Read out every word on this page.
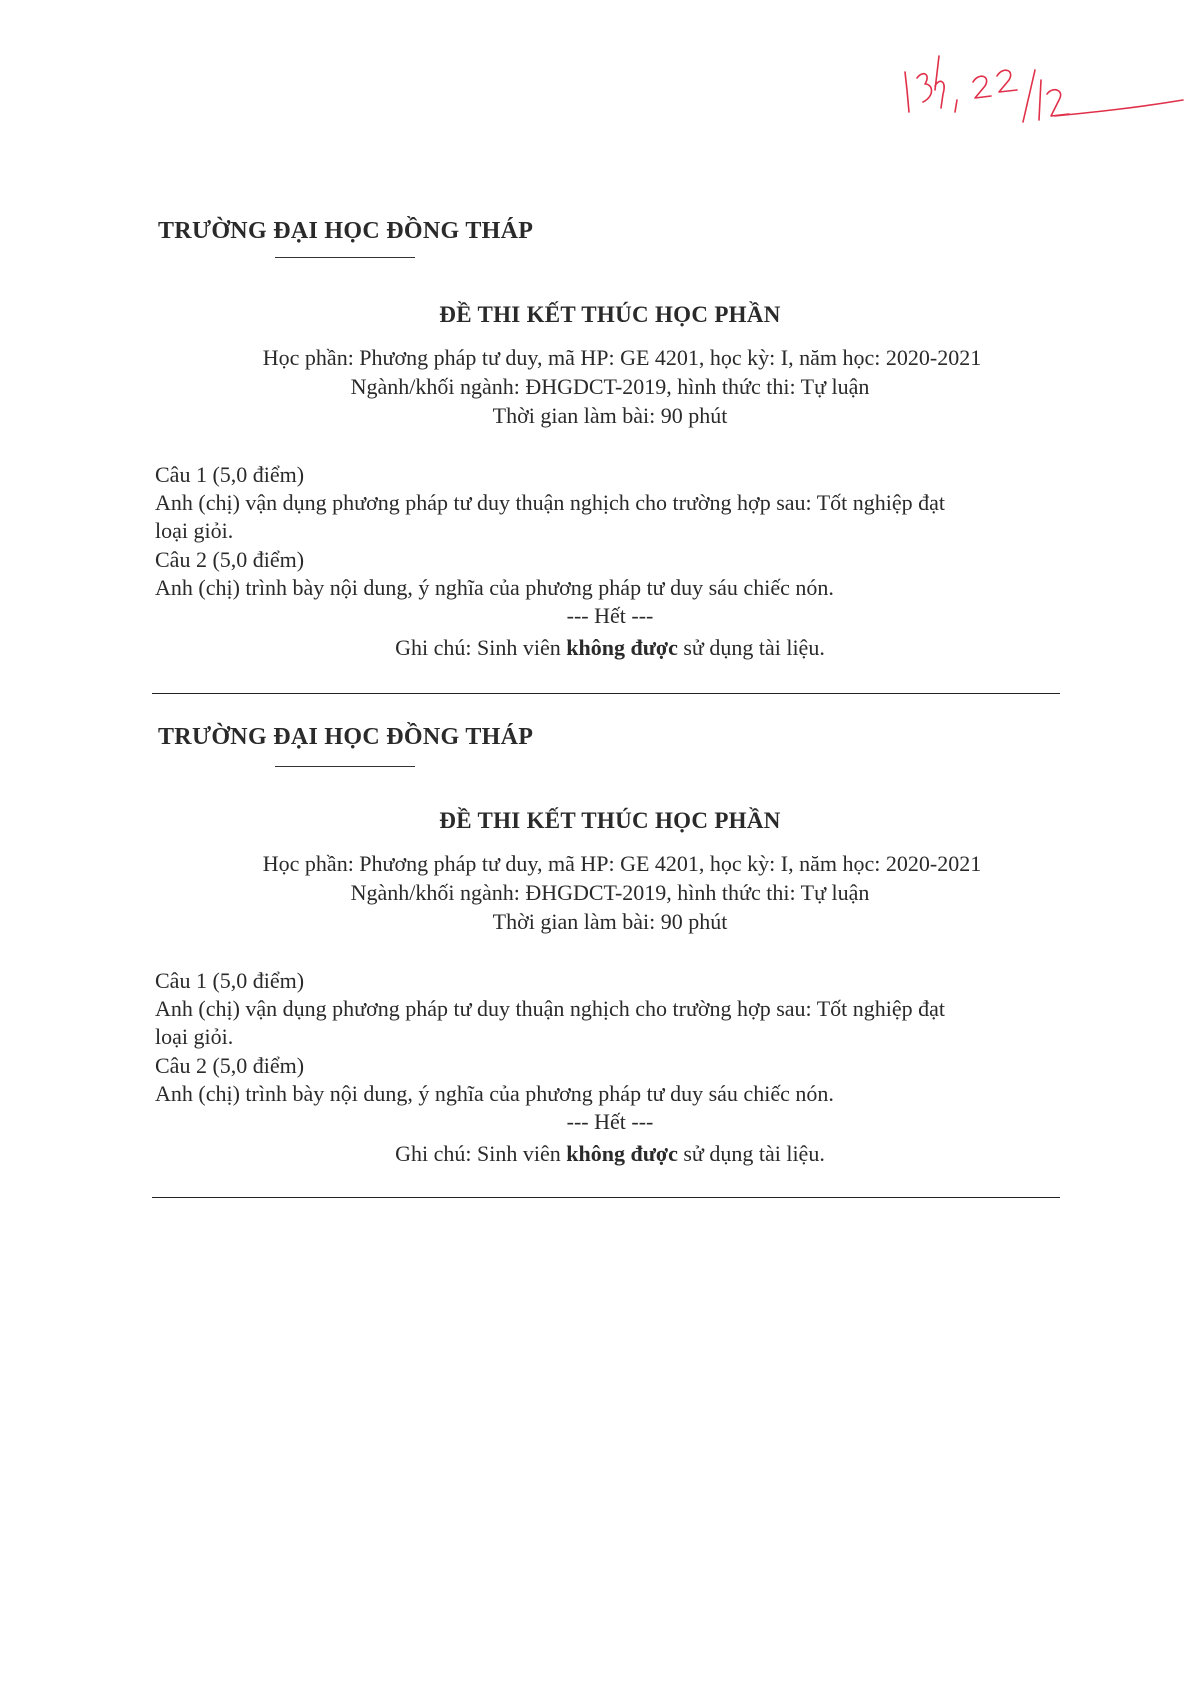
TRƯỜNG ĐẠI HỌC ĐỒNG THÁP
ĐỀ THI KẾT THÚC HỌC PHẦN
Học phần: Phương pháp tư duy, mã HP: GE 4201, học kỳ: I, năm học: 2020-2021
Ngành/khối ngành: ĐHGDCT-2019, hình thức thi: Tự luận
Thời gian làm bài: 90 phút
Câu 1 (5,0 điểm)
Anh (chị) vận dụng phương pháp tư duy thuận nghịch cho trường hợp sau: Tốt nghiệp đạt
loại giỏi.
Câu 2 (5,0 điểm)
Anh (chị) trình bày nội dung, ý nghĩa của phương pháp tư duy sáu chiếc nón.
--- Hết ---
Ghi chú: Sinh viên không được sử dụng tài liệu.
TRƯỜNG ĐẠI HỌC ĐỒNG THÁP
ĐỀ THI KẾT THÚC HỌC PHẦN
Học phần: Phương pháp tư duy, mã HP: GE 4201, học kỳ: I, năm học: 2020-2021
Ngành/khối ngành: ĐHGDCT-2019, hình thức thi: Tự luận
Thời gian làm bài: 90 phút
Câu 1 (5,0 điểm)
Anh (chị) vận dụng phương pháp tư duy thuận nghịch cho trường hợp sau: Tốt nghiệp đạt
loại giỏi.
Câu 2 (5,0 điểm)
Anh (chị) trình bày nội dung, ý nghĩa của phương pháp tư duy sáu chiếc nón.
--- Hết ---
Ghi chú: Sinh viên không được sử dụng tài liệu.
